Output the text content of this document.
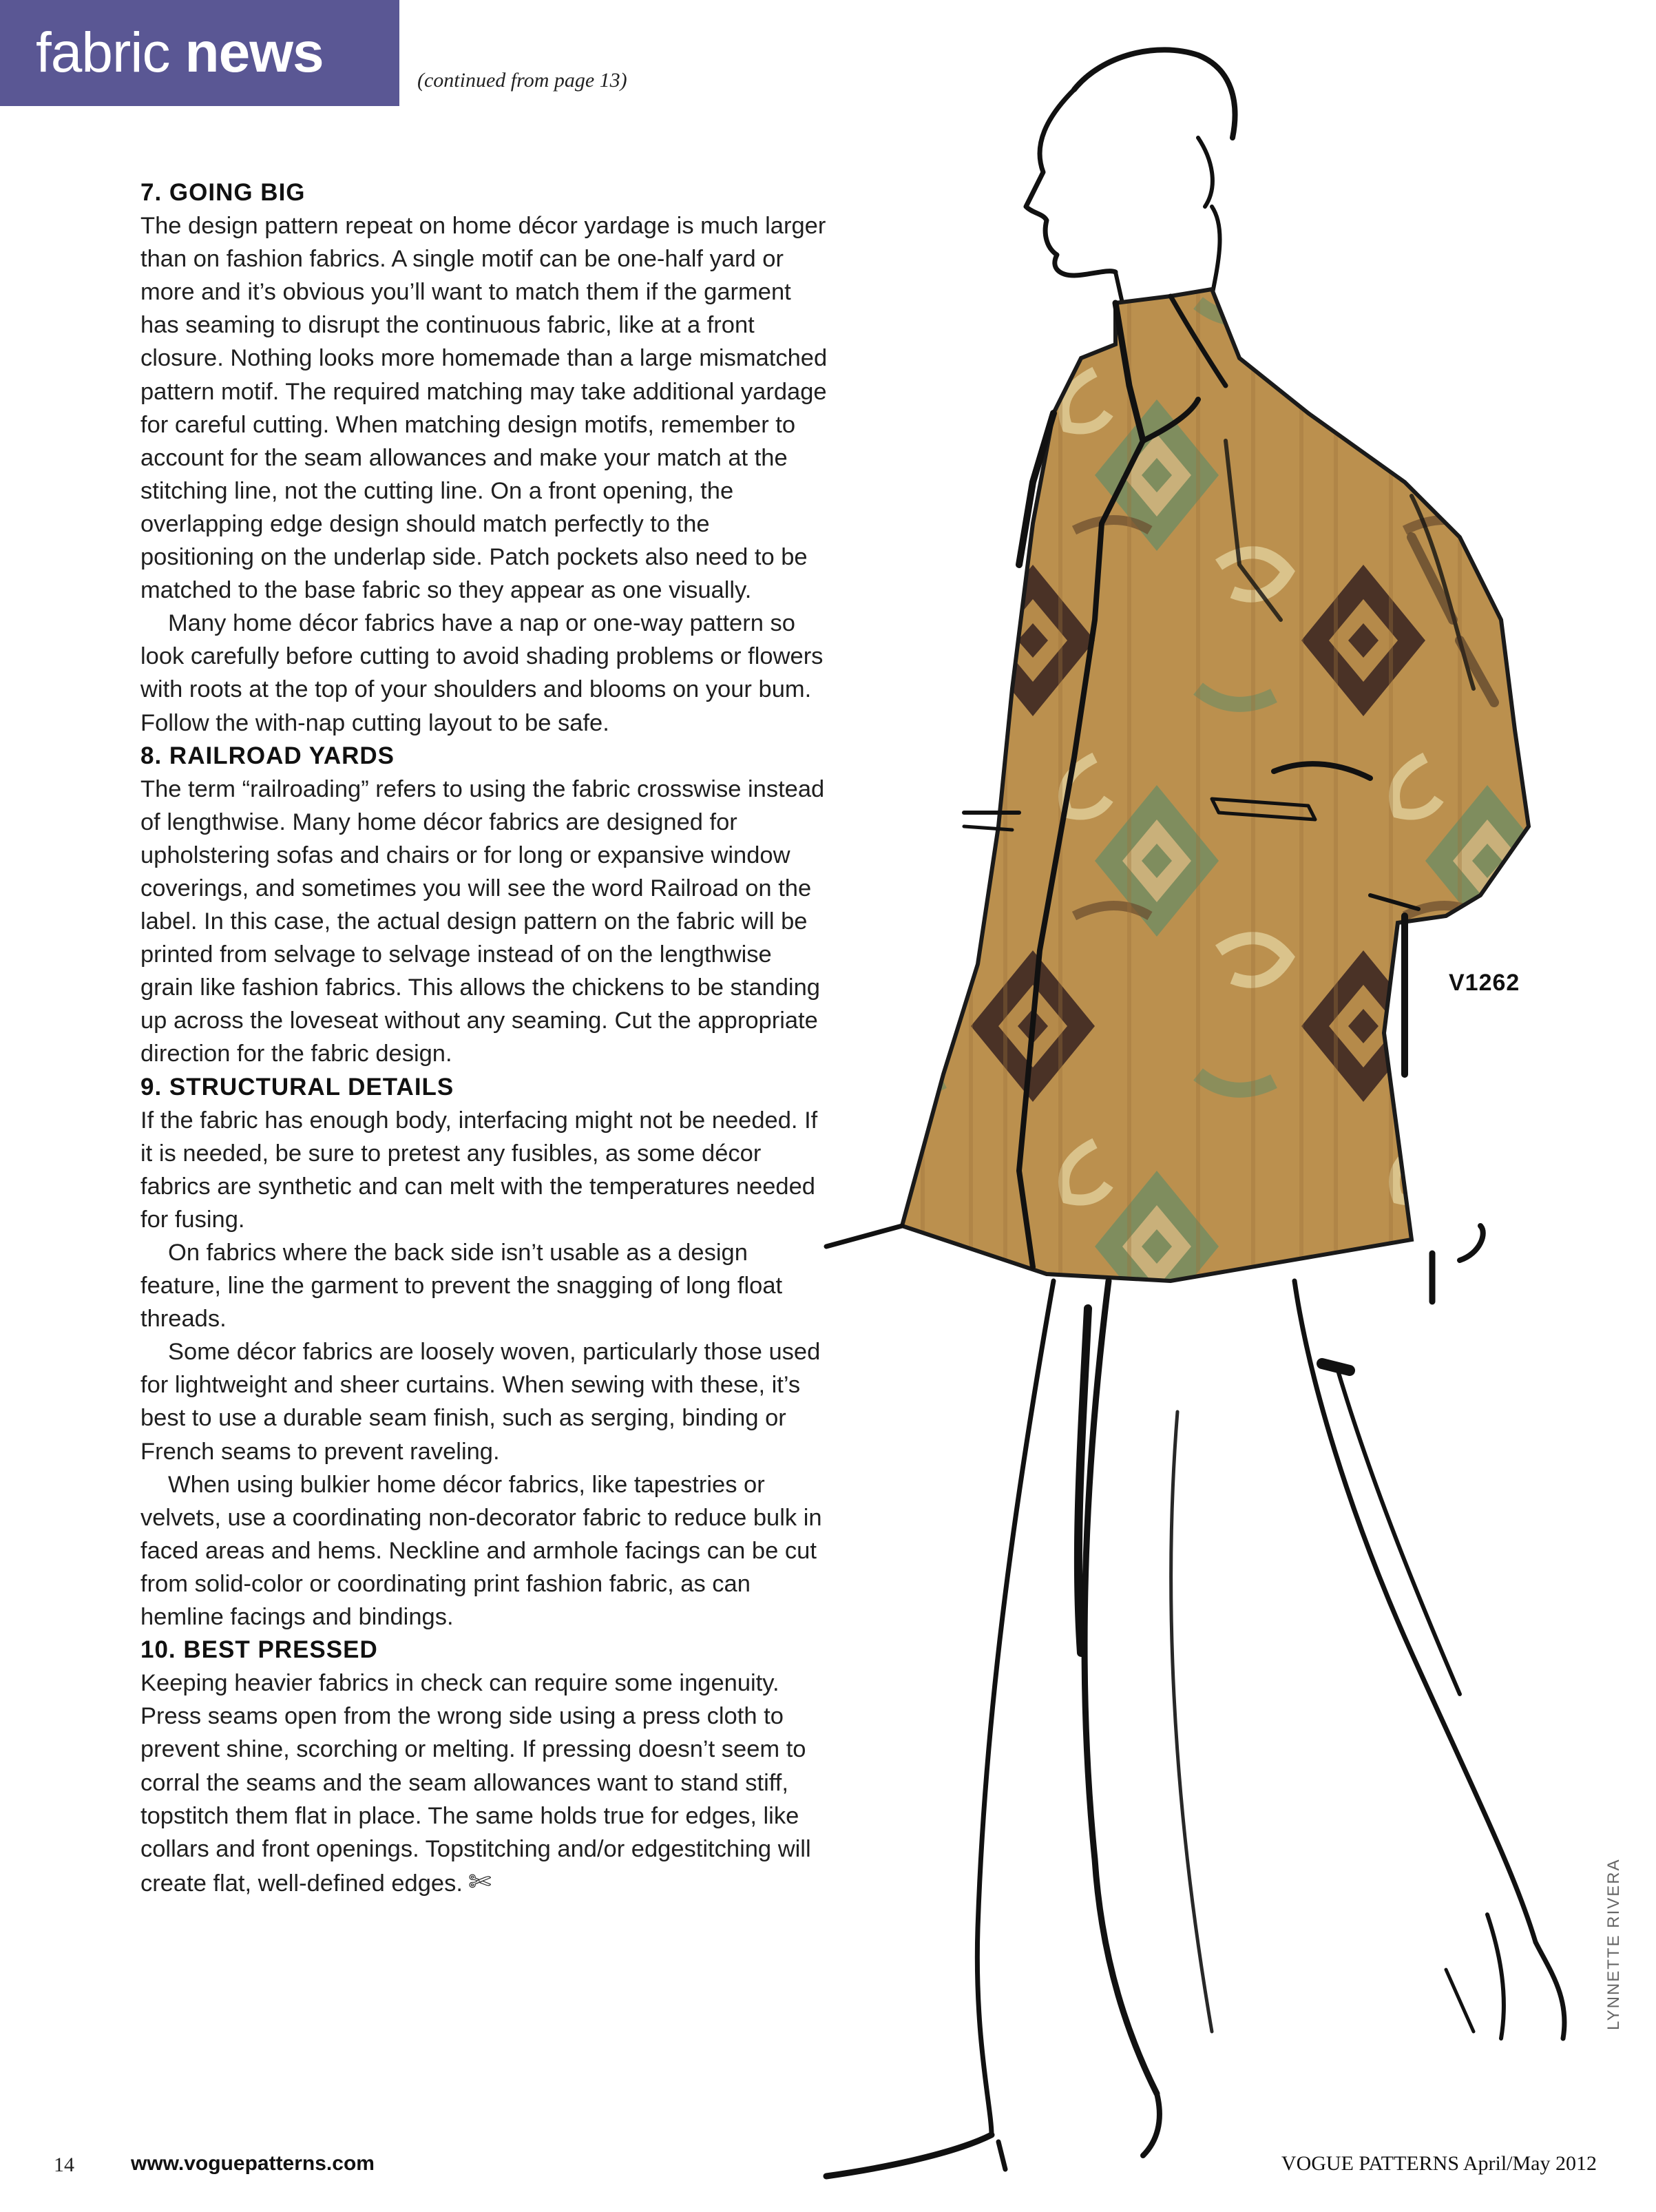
fabric news	(continued from page 13)

V1262
LYNNETTE RIVERA
7. GOING BIG

The design pattern repeat on home décor yardage is much larger than on fashion fabrics. A single motif can be one-half yard or more and it’s obvious you’ll want to match them if the garment has seaming to disrupt the continuous fabric, like at a front closure. Nothing looks more homemade than a large mismatched pattern motif. The required matching may take additional yardage for careful cutting. When matching design motifs, remember to account for the seam allowances and make your match at the stitching line, not the cutting line. On a front opening, the overlapping edge design should match perfectly to the positioning on the underlap side. Patch pockets also need to be matched to the base fabric so they appear as one visually.

Many home décor fabrics have a nap or one-way pattern so look carefully before cutting to avoid shading problems or flowers with roots at the top of your shoulders and blooms on your bum. Follow the with-nap cutting layout to be safe.

8. RAILROAD YARDS

The term “railroading” refers to using the fabric crosswise instead of lengthwise. Many home décor fabrics are designed for upholstering sofas and chairs or for long or expansive window coverings, and sometimes you will see the word Railroad on the label. In this case, the actual design pattern on the fabric will be printed from selvage to selvage instead of on the lengthwise grain like fashion fabrics. This allows the chickens to be standing up across the loveseat without any seaming. Cut the appropriate direction for the fabric design.

9. STRUCTURAL DETAILS

If the fabric has enough body, interfacing might not be needed. If it is needed, be sure to pretest any fusibles, as some décor fabrics are synthetic and can melt with the temperatures needed for fusing.

On fabrics where the back side isn’t usable as a design feature, line the garment to prevent the snagging of long float threads.

Some décor fabrics are loosely woven, particularly those used for lightweight and sheer curtains. When sewing with these, it’s best to use a durable seam finish, such as serging, binding or French seams to prevent raveling.

When using bulkier home décor fabrics, like tapestries or velvets, use a coordinating non-decorator fabric to reduce bulk in faced areas and hems. Neckline and armhole facings can be cut from solid-color or coordinating print fashion fabric, as can hemline facings and bindings.

10. BEST PRESSED

Keeping heavier fabrics in check can require some ingenuity. Press seams open from the wrong side using a press cloth to prevent shine, scorching or melting. If pressing doesn’t seem to corral the seams and the seam allowances want to stand stiff, topstitch them flat in place. The same holds true for edges, like collars and front openings. Topstitching and/or edgestitching will create flat, well-defined edges. ✄

14	www.voguepatterns.com	VOGUE PATTERNS April/May 2012
